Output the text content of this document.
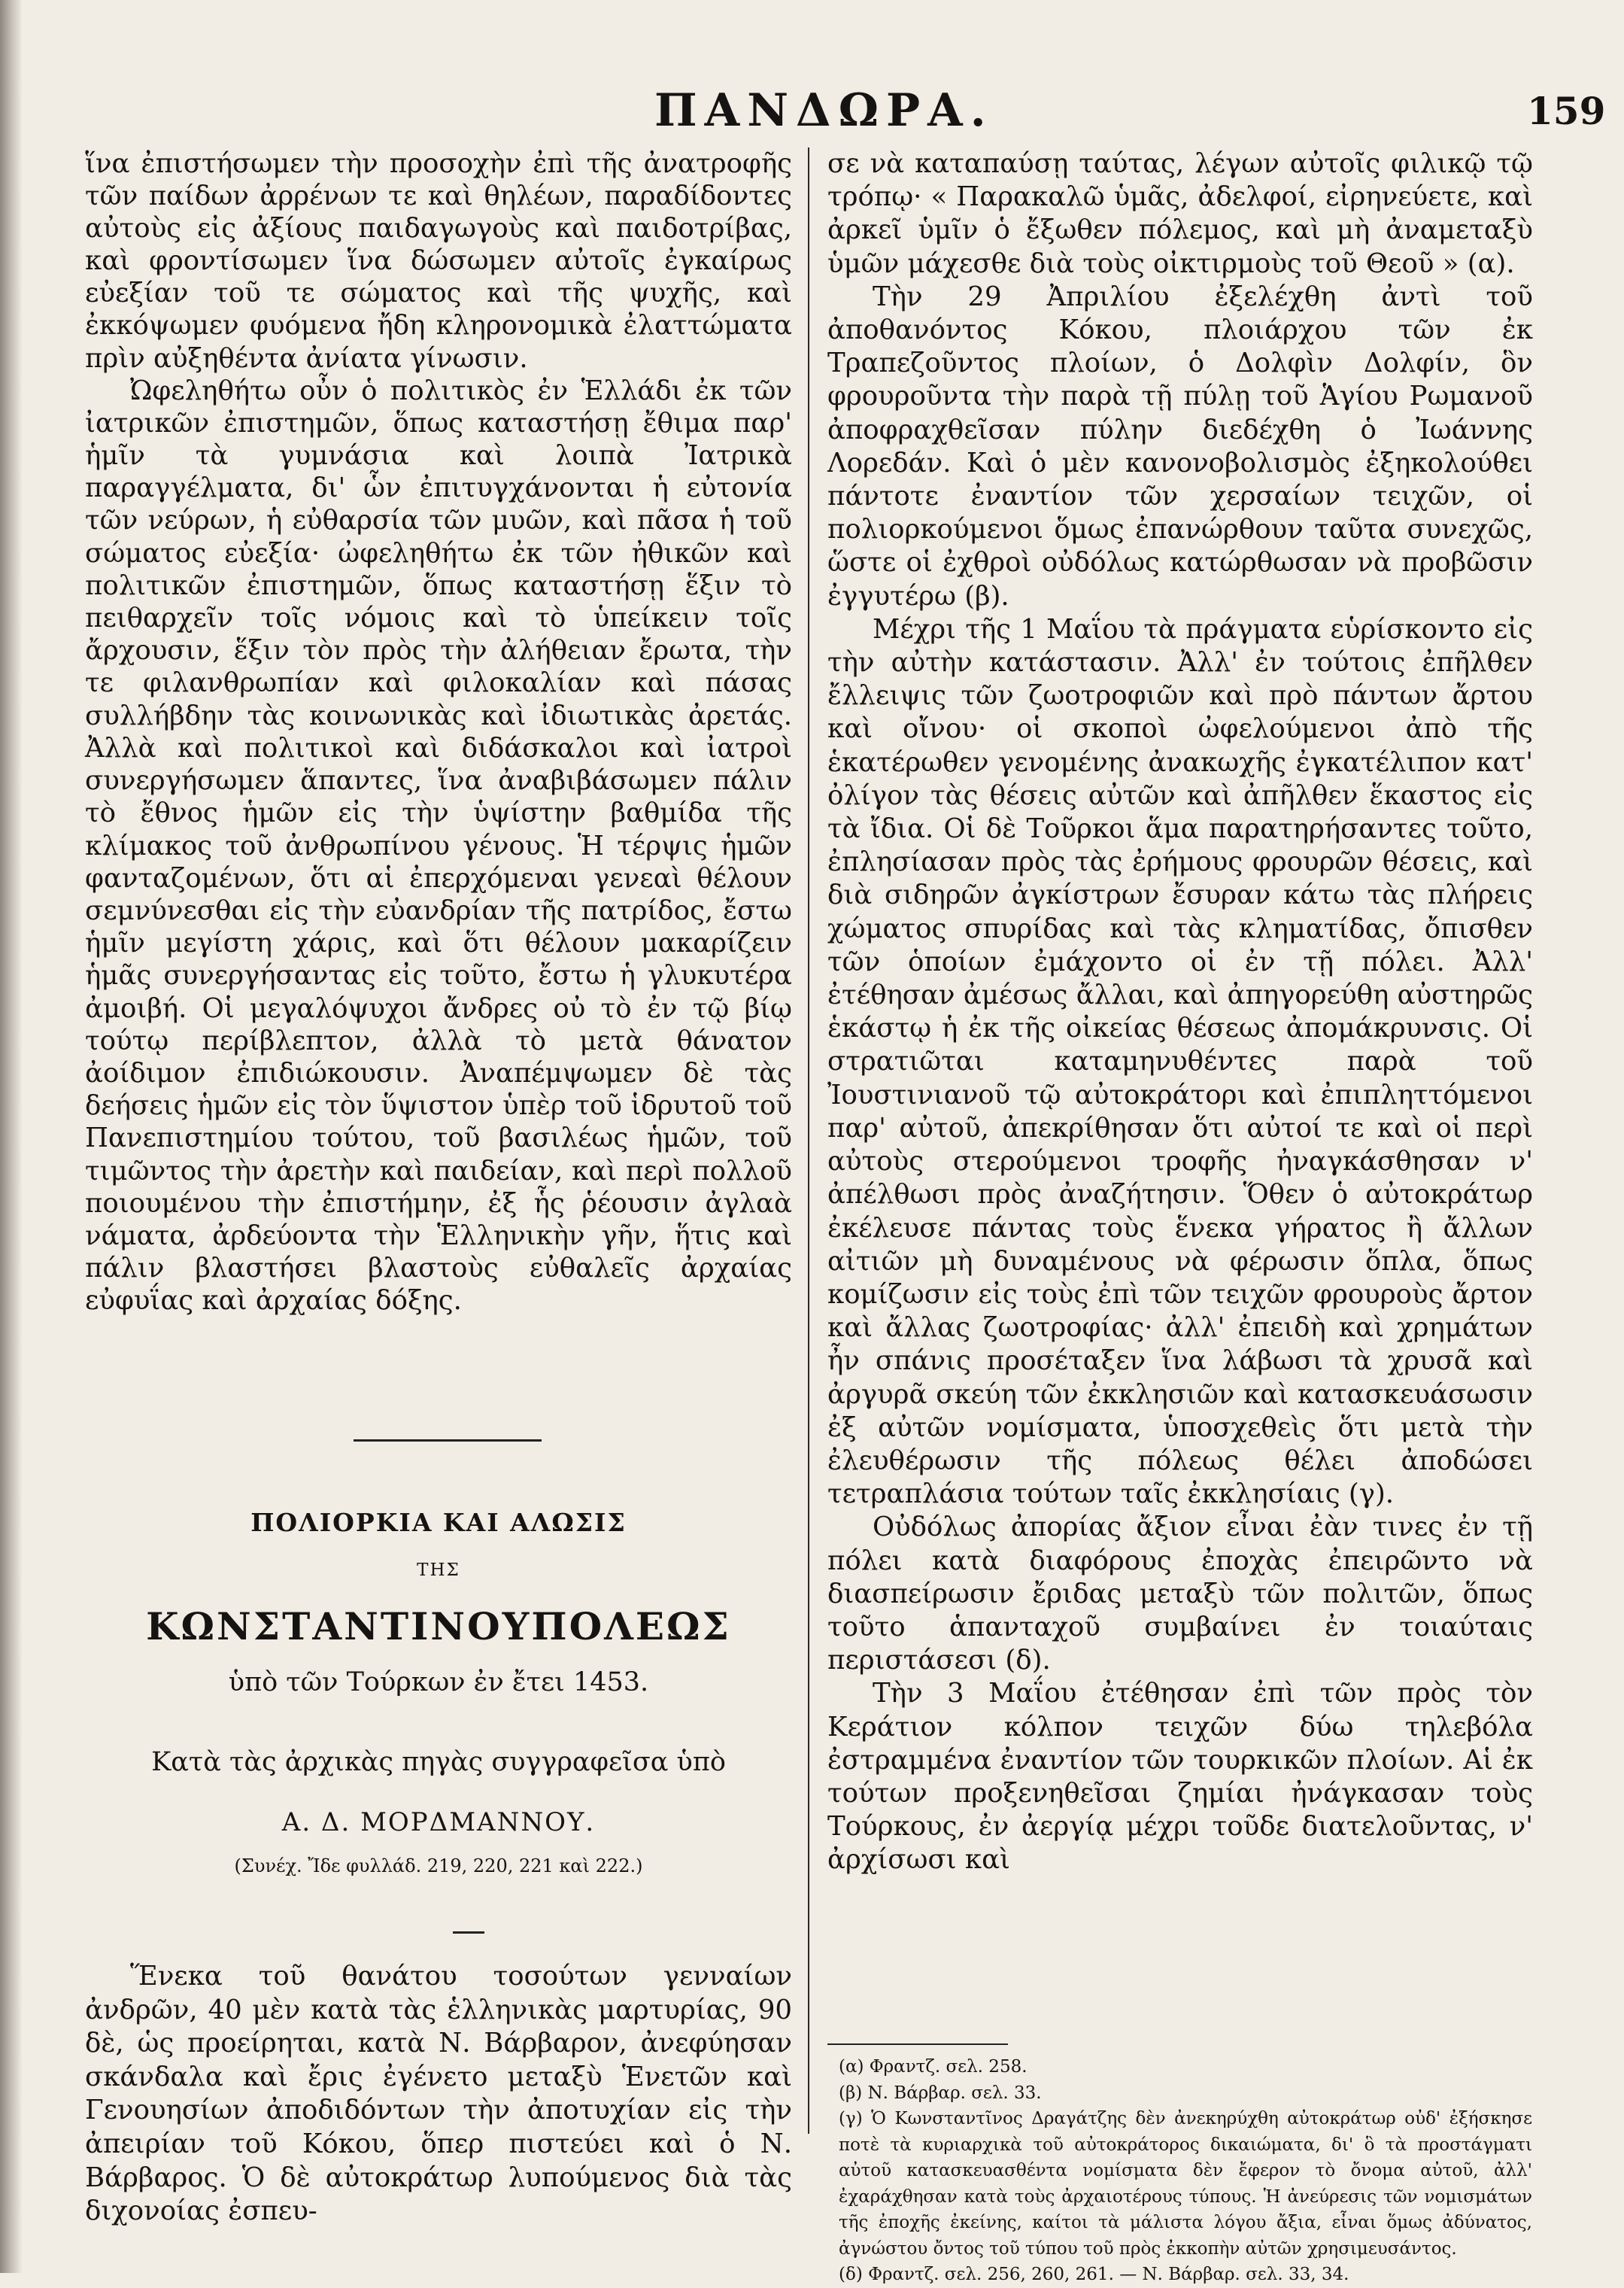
ΠΑΝΔΩΡΑ.	159

ἵνα ἐπιστήσωμεν τὴν προσοχὴν ἐπὶ τῆς ἀνατροφῆς τῶν παίδων ἀρρένων τε καὶ θηλέων, παραδίδοντες αὐτοὺς εἰς ἀξίους παιδαγωγοὺς καὶ παιδοτρίβας, καὶ φροντίσωμεν ἵνα δώσωμεν αὐτοῖς ἐγκαίρως εὐεξίαν τοῦ τε σώματος καὶ τῆς ψυχῆς, καὶ ἐκκόψωμεν φυόμενα ἤδη κληρονομικὰ ἐλαττώματα πρὶν αὐξηθέντα ἀνίατα γίνωσιν.

Ὠφεληθήτω οὖν ὁ πολιτικὸς ἐν Ἑλλάδι ἐκ τῶν ἰατρικῶν ἐπιστημῶν, ὅπως καταστήσῃ ἔθιμα παρ' ἡμῖν τὰ γυμνάσια καὶ λοιπὰ Ἰατρικὰ παραγγέλματα, δι' ὧν ἐπιτυγχάνονται ἡ εὐτονία τῶν νεύρων, ἡ εὐθαρσία τῶν μυῶν, καὶ πᾶσα ἡ τοῦ σώματος εὐεξία· ὠφεληθήτω ἐκ τῶν ἠθικῶν καὶ πολιτικῶν ἐπιστημῶν, ὅπως καταστήσῃ ἕξιν τὸ πειθαρχεῖν τοῖς νόμοις καὶ τὸ ὑπείκειν τοῖς ἄρχουσιν, ἕξιν τὸν πρὸς τὴν ἀλήθειαν ἔρωτα, τὴν τε φιλανθρωπίαν καὶ φιλοκαλίαν καὶ πάσας συλλήβδην τὰς κοινωνικὰς καὶ ἰδιωτικὰς ἀρετάς. Ἀλλὰ καὶ πολιτικοὶ καὶ διδάσκαλοι καὶ ἰατροὶ συνεργήσωμεν ἅπαντες, ἵνα ἀναβιβάσωμεν πάλιν τὸ ἔθνος ἡμῶν εἰς τὴν ὑψίστην βαθμίδα τῆς κλίμακος τοῦ ἀνθρωπίνου γένους. Ἡ τέρψις ἡμῶν φανταζομένων, ὅτι αἱ ἐπερχόμεναι γενεαὶ θέλουν σεμνύνεσθαι εἰς τὴν εὐανδρίαν τῆς πατρίδος, ἔστω ἡμῖν μεγίστη χάρις, καὶ ὅτι θέλουν μακαρίζειν ἡμᾶς συνεργήσαντας εἰς τοῦτο, ἔστω ἡ γλυκυτέρα ἀμοιβή. Οἱ μεγαλόψυχοι ἄνδρες οὐ τὸ ἐν τῷ βίῳ τούτῳ περίβλεπτον, ἀλλὰ τὸ μετὰ θάνατον ἀοίδιμον ἐπιδιώκουσιν. Ἀναπέμψωμεν δὲ τὰς δεήσεις ἡμῶν εἰς τὸν ὕψιστον ὑπὲρ τοῦ ἱδρυτοῦ τοῦ Πανεπιστημίου τούτου, τοῦ βασιλέως ἡμῶν, τοῦ τιμῶντος τὴν ἀρετὴν καὶ παιδείαν, καὶ περὶ πολλοῦ ποιουμένου τὴν ἐπιστήμην, ἐξ ἧς ῥέουσιν ἀγλαὰ νάματα, ἀρδεύοντα τὴν Ἑλληνικὴν γῆν, ἥτις καὶ πάλιν βλαστήσει βλαστοὺς εὐθαλεῖς ἀρχαίας εὐφυΐας καὶ ἀρχαίας δόξης.

ΠΟΛΙΟΡΚΙΑ ΚΑΙ ΑΛΩΣΙΣ
ΤΗΣ
ΚΩΝΣΤΑΝΤΙΝΟΥΠΟΛΕΩΣ
ὑπὸ τῶν Τούρκων ἐν ἔτει 1453.
Κατὰ τὰς ἀρχικὰς πηγὰς συγγραφεῖσα ὑπὸ
Α. Δ. ΜΟΡΔΜΑΝΝΟΥ.
(Συνέχ. Ἴδε φυλλάδ. 219, 220, 221 καὶ 222.)

Ἕνεκα τοῦ θανάτου τοσούτων γενναίων ἀνδρῶν, 40 μὲν κατὰ τὰς ἑλληνικὰς μαρτυρίας, 90 δὲ, ὡς προείρηται, κατὰ Ν. Βάρβαρον, ἀνεφύησαν σκάνδαλα καὶ ἔρις ἐγένετο μεταξὺ Ἑνετῶν καὶ Γενουησίων ἀποδιδόντων τὴν ἀποτυχίαν εἰς τὴν ἀπειρίαν τοῦ Κόκου, ὅπερ πιστεύει καὶ ὁ Ν. Βάρβαρος. Ὁ δὲ αὐτοκράτωρ λυπούμενος διὰ τὰς διχονοίας ἐσπευ-

σε νὰ καταπαύσῃ ταύτας, λέγων αὐτοῖς φιλικῷ τῷ τρόπῳ· « Παρακαλῶ ὑμᾶς, ἀδελφοί, εἰρηνεύετε, καὶ ἀρκεῖ ὑμῖν ὁ ἔξωθεν πόλεμος, καὶ μὴ ἀναμεταξὺ ὑμῶν μάχεσθε διὰ τοὺς οἰκτιρμοὺς τοῦ Θεοῦ » (α).

Τὴν 29 Ἀπριλίου ἐξελέχθη ἀντὶ τοῦ ἀποθανόντος Κόκου, πλοιάρχου τῶν ἐκ Τραπεζοῦντος πλοίων, ὁ Δολφὶν Δολφίν, ὃν φρουροῦντα τὴν παρὰ τῇ πύλῃ τοῦ Ἁγίου Ρωμανοῦ ἀποφραχθεῖσαν πύλην διεδέχθη ὁ Ἰωάννης Λορεδάν. Καὶ ὁ μὲν κανονοβολισμὸς ἐξηκολούθει πάντοτε ἐναντίον τῶν χερσαίων τειχῶν, οἱ πολιορκούμενοι ὅμως ἐπανώρθουν ταῦτα συνεχῶς, ὥστε οἱ ἐχθροὶ οὐδόλως κατώρθωσαν νὰ προβῶσιν ἐγγυτέρω (β).

Μέχρι τῆς 1 Μαΐου τὰ πράγματα εὑρίσκοντο εἰς τὴν αὐτὴν κατάστασιν. Ἀλλ' ἐν τούτοις ἐπῆλθεν ἔλλειψις τῶν ζωοτροφιῶν καὶ πρὸ πάντων ἄρτου καὶ οἴνου· οἱ σκοποὶ ὠφελούμενοι ἀπὸ τῆς ἑκατέρωθεν γενομένης ἀνακωχῆς ἐγκατέλιπον κατ' ὀλίγον τὰς θέσεις αὐτῶν καὶ ἀπῆλθεν ἕκαστος εἰς τὰ ἴδια. Οἱ δὲ Τοῦρκοι ἅμα παρατηρήσαντες τοῦτο, ἐπλησίασαν πρὸς τὰς ἐρήμους φρουρῶν θέσεις, καὶ διὰ σιδηρῶν ἀγκίστρων ἔσυραν κάτω τὰς πλήρεις χώματος σπυρίδας καὶ τὰς κληματίδας, ὄπισθεν τῶν ὁποίων ἐμάχοντο οἱ ἐν τῇ πόλει. Ἀλλ' ἐτέθησαν ἀμέσως ἄλλαι, καὶ ἀπηγορεύθη αὐστηρῶς ἑκάστῳ ἡ ἐκ τῆς οἰκείας θέσεως ἀπομάκρυνσις. Οἱ στρατιῶται καταμηνυθέντες παρὰ τοῦ Ἰουστινιανοῦ τῷ αὐτοκράτορι καὶ ἐπιπληττόμενοι παρ' αὐτοῦ, ἀπεκρίθησαν ὅτι αὐτοί τε καὶ οἱ περὶ αὐτοὺς στερούμενοι τροφῆς ἠναγκάσθησαν ν' ἀπέλθωσι πρὸς ἀναζήτησιν. Ὅθεν ὁ αὐτοκράτωρ ἐκέλευσε πάντας τοὺς ἕνεκα γήρατος ἢ ἄλλων αἰτιῶν μὴ δυναμένους νὰ φέρωσιν ὅπλα, ὅπως κομίζωσιν εἰς τοὺς ἐπὶ τῶν τειχῶν φρουροὺς ἄρτον καὶ ἄλλας ζωοτροφίας· ἀλλ' ἐπειδὴ καὶ χρημάτων ἦν σπάνις προσέταξεν ἵνα λάβωσι τὰ χρυσᾶ καὶ ἀργυρᾶ σκεύη τῶν ἐκκλησιῶν καὶ κατασκευάσωσιν ἐξ αὐτῶν νομίσματα, ὑποσχεθεὶς ὅτι μετὰ τὴν ἐλευθέρωσιν τῆς πόλεως θέλει ἀποδώσει τετραπλάσια τούτων ταῖς ἐκκλησίαις (γ).

Οὐδόλως ἀπορίας ἄξιον εἶναι ἐὰν τινες ἐν τῇ πόλει κατὰ διαφόρους ἐποχὰς ἐπειρῶντο νὰ διασπείρωσιν ἔριδας μεταξὺ τῶν πολιτῶν, ὅπως τοῦτο ἁπανταχοῦ συμβαίνει ἐν τοιαύταις περιστάσεσι (δ).

Τὴν 3 Μαΐου ἐτέθησαν ἐπὶ τῶν πρὸς τὸν Κεράτιον κόλπον τειχῶν δύω τηλεβόλα ἐστραμμένα ἐναντίον τῶν τουρκικῶν πλοίων. Αἱ ἐκ τούτων προξενηθεῖσαι ζημίαι ἠνάγκασαν τοὺς Τούρκους, ἐν ἀεργίᾳ μέχρι τοῦδε διατελοῦντας, ν' ἀρχίσωσι καὶ

(α) Φραντζ. σελ. 258.

(β) Ν. Βάρβαρ. σελ. 33.

(γ) Ὁ Κωνσταντῖνος Δραγάτζης δὲν ἀνεκηρύχθη αὐτοκράτωρ οὐδ' ἐξήσκησε ποτὲ τὰ κυριαρχικὰ τοῦ αὐτοκράτορος δικαιώματα, δι' ὃ τὰ προστάγματι αὐτοῦ κατασκευασθέντα νομίσματα δὲν ἔφερον τὸ ὄνομα αὐτοῦ, ἀλλ' ἐχαράχθησαν κατὰ τοὺς ἀρχαιοτέρους τύπους. Ἡ ἀνεύρεσις τῶν νομισμάτων τῆς ἐποχῆς ἐκείνης, καίτοι τὰ μάλιστα λόγου ἄξια, εἶναι ὅμως ἀδύνατος, ἀγνώστου ὄντος τοῦ τύπου τοῦ πρὸς ἐκκοπὴν αὐτῶν χρησιμευσάντος.

(δ) Φραντζ. σελ. 256, 260, 261. — Ν. Βάρβαρ. σελ. 33, 34.
